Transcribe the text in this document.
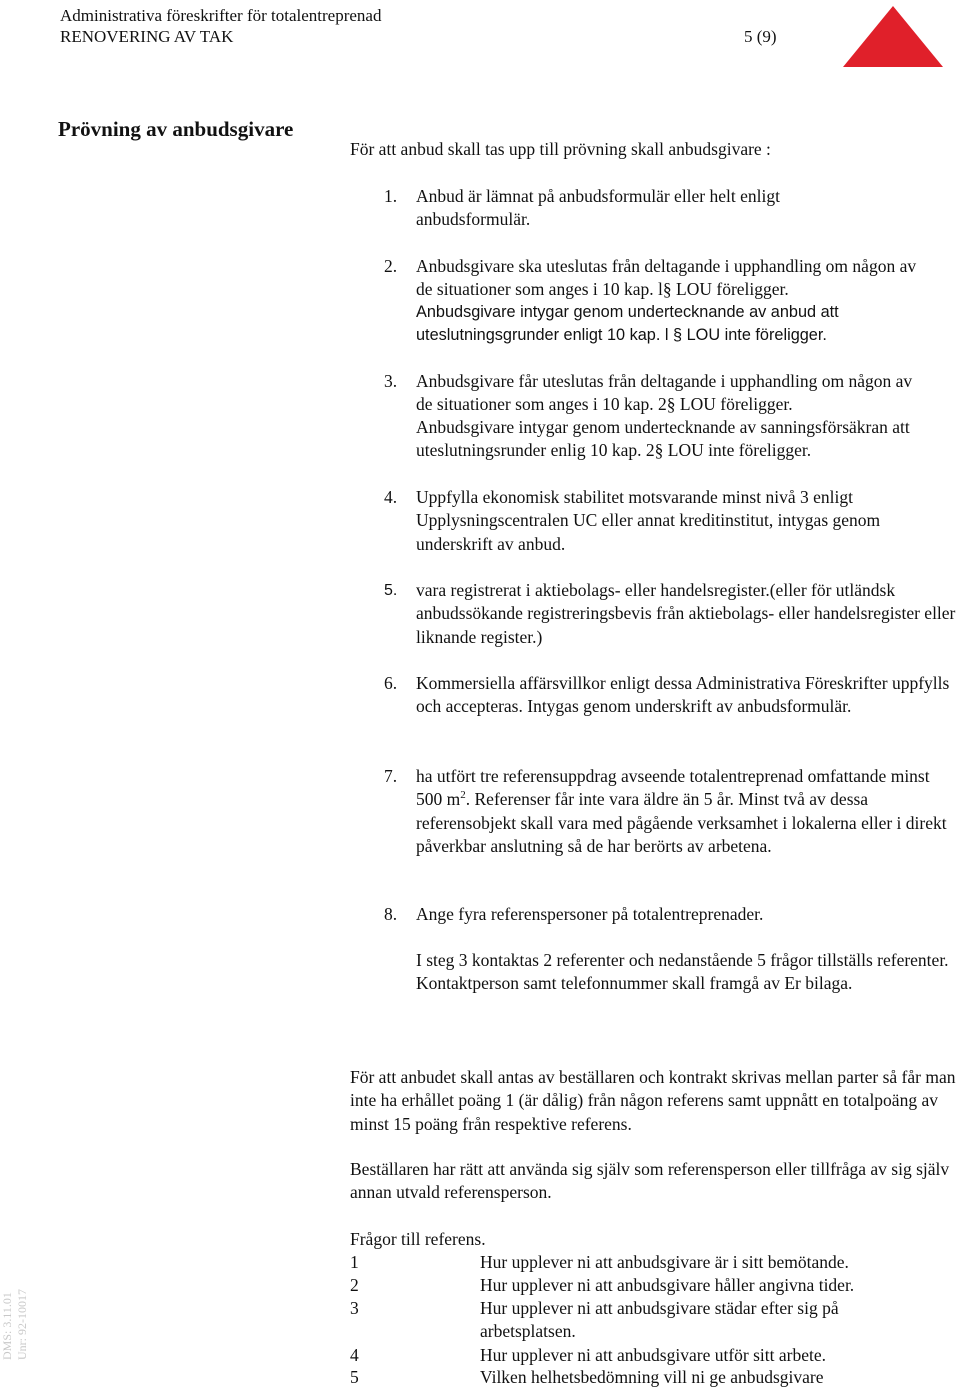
Administrativa föreskrifter för totalentreprenad
RENOVERING AV TAK	5 (9)
Prövning av anbudsgivare
För att anbud skall tas upp till prövning skall anbudsgivare :
1. Anbud är lämnat på anbudsformulär eller helt enligt anbudsformulär.
2. Anbudsgivare ska uteslutas från deltagande i upphandling om någon av de situationer som anges i 10 kap. l§ LOU föreligger.
Anbudsgivare intygar genom undertecknande av anbud att uteslutningsgrunder enligt 10 kap. l § LOU inte föreligger.
3. Anbudsgivare får uteslutas från deltagande i upphandling om någon av de situationer som anges i 10 kap. 2§ LOU föreligger.
Anbudsgivare intygar genom undertecknande av sanningsförsäkran att uteslutningsrunder enlig 10 kap. 2§ LOU inte föreligger.
4. Uppfylla ekonomisk stabilitet motsvarande minst nivå 3 enligt Upplysningscentralen UC eller annat kreditinstitut, intygas genom underskrift av anbud.
5. vara registrerat i aktiebolags- eller handelsregister.(eller för utländsk anbudssökande registreringsbevis från aktiebolags- eller handelsregister eller liknande register.)
6. Kommersiella affärsvillkor enligt dessa Administrativa Föreskrifter uppfylls och accepteras. Intygas genom underskrift av anbudsformulär.
7. ha utfört tre referensuppdrag avseende totalentreprenad omfattande minst 500 $m^2$. Referenser får inte vara äldre än 5 år. Minst två av dessa referensobjekt skall vara med pågående verksamhet i lokalerna eller i direkt påverkbar anslutning så de har berörts av arbetena.
8. Ange fyra referenspersoner på totalentreprenader.
I steg 3 kontaktas 2 referenter och nedanstående 5 frågor tillställs referenter. Kontaktperson samt telefonnummer skall framgå av Er bilaga.
För att anbudet skall antas av beställaren och kontrakt skrivas mellan parter så får man inte ha erhållet poäng 1 (är dålig) från någon referens samt uppnått en totalpoäng av minst 15 poäng från respektive referens.
Beställaren har rätt att använda sig själv som referensperson eller tillfråga av sig själv annan utvald referensperson.
Frågor till referens.
1	Hur upplever ni att anbudsgivare är i sitt bemötande.
2	Hur upplever ni att anbudsgivare håller angivna tider.
3	Hur upplever ni att anbudsgivare städar efter sig på arbetsplatsen.
4	Hur upplever ni att anbudsgivare utför sitt arbete.
5	Vilken helhetsbedömning vill ni ge anbudsgivare
DMS: 3.11.01 Unr: 92-10017
